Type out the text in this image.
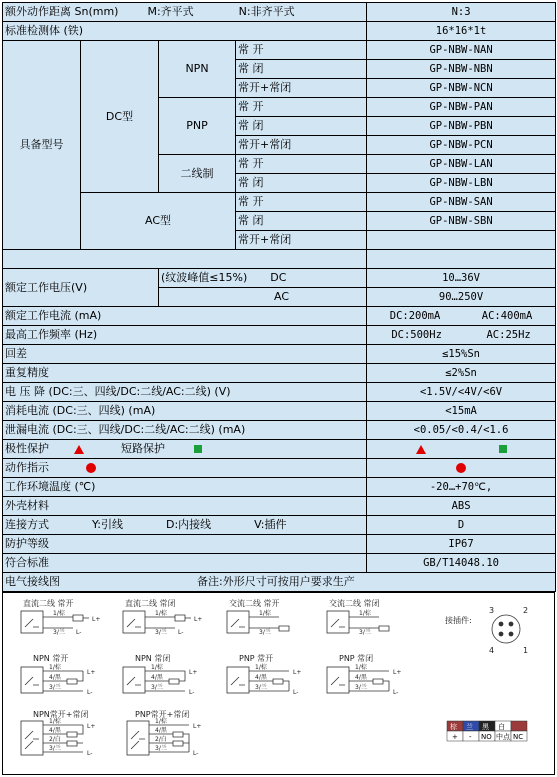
额外动作距离 Sn(mm) M:齐平式 N:非齐平式				N:3
标准检测体 (铁)				16*16*1t
具备型号	DC型	NPN	常 开	GP-NBW-NAN
			常 闭	GP-NBW-NBN
			常开+常闭	GP-NBW-NCN
		PNP	常 开	GP-NBW-PAN
			常 闭	GP-NBW-PBN
			常开+常闭	GP-NBW-PCN
		二线制	常 开	GP-NBW-LAN
			常 闭	GP-NBW-LBN
	AC型		常 开	GP-NBW-SAN
			常 闭	GP-NBW-SBN
			常开+常闭	

额定工作电压(V)		(纹波峰值≤15%) DC		10…36V
		AC		90…250V
额定工作电流 (mA)				DC:200mA AC:400mA

最高工作频率 (Hz)				DC:500Hz AC:25Hz

回差				≤15%Sn
重复精度				≤2%Sn
电 压 降 (DC:三、四线/DC:二线/AC:二线) (V)				<1.5V/<4V/<6V
消耗电流 (DC:三、四线) (mA)				<15mA
泄漏电流 (DC:三、四线/DC:二线/AC:二线) (mA)				<0.05/<0.4/<1.6
极性保护 短路保护				
动作指示				
工作环境温度 (℃)				-20…+70℃,
外壳材料				ABS
连接方式 Y:引线 D:内接线 V:插件				D
防护等级				IP67
符合标准				GB/T14048.10
电气接线图 备注:外形尺寸可按用户要求生产				
直流二线 常开	直流二线 常闭	交流二线 常开	交流二线 常闭
NPN 常开	NPN 常闭	PNP 常开	PNP 常闭
NPN常开+常闭	PNP常开+常闭
接插件:
1/棕
3/兰
L+
L-
1/棕
3/兰
L+
L-
1/棕
3/兰
1/棕
3/兰
1/棕
4/黑
3/兰
L+
L-
1/棕
4/黑
3/兰
L+
L-
1/棕
4/黑
3/兰
L+
L-
1/棕
4/黑
3/兰
L+
L-
1/棕
4/黑
2/白
3/兰
L+
L-
1/棕
4/黑
2/白
3/兰
L+
L-
3	2
4	1
棕 兰 黑 白
+ - NO 中点 NC
